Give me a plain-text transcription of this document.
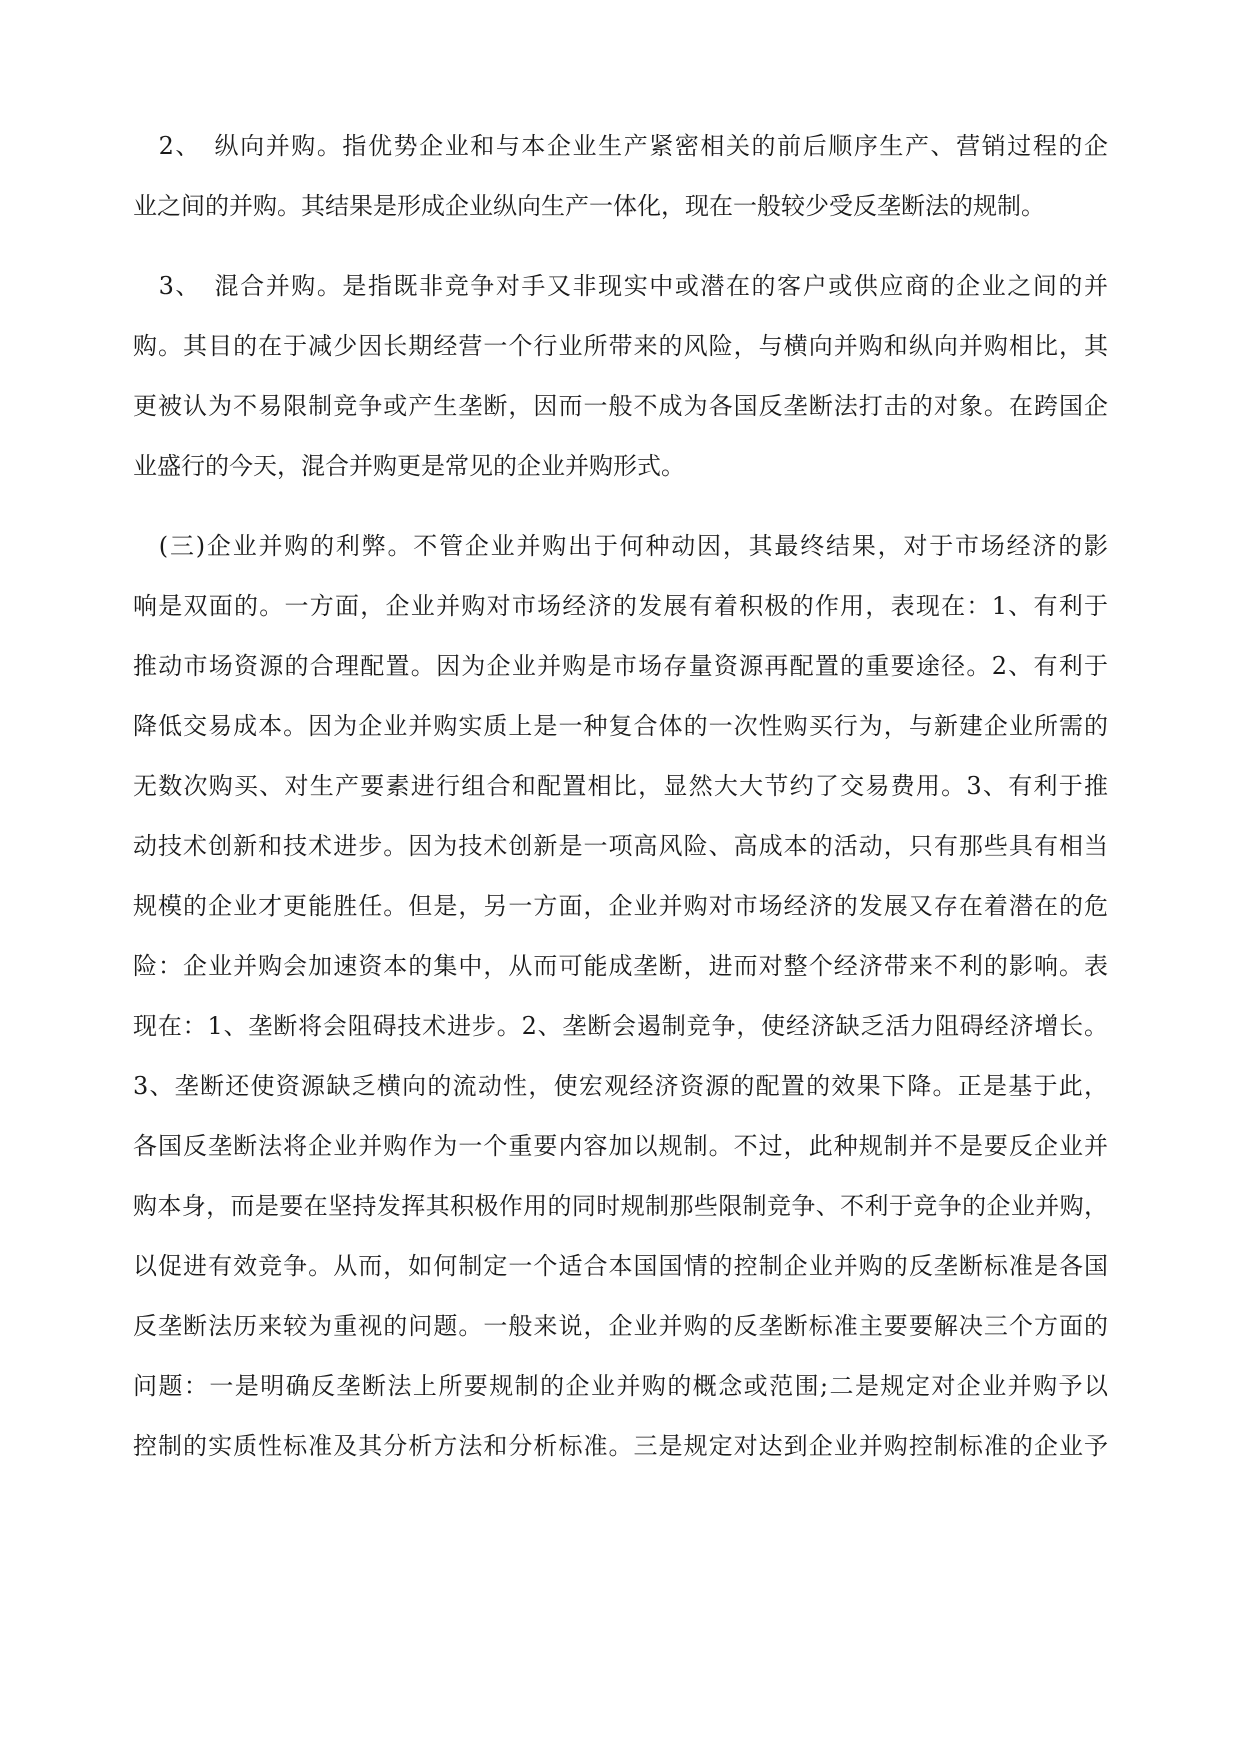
　2、　纵向并购。指优势企业和与本企业生产紧密相关的前后顺序生产、营销过程的企
业之间的并购。其结果是形成企业纵向生产一体化，现在一般较少受反垄断法的规制。
　3、　混合并购。是指既非竞争对手又非现实中或潜在的客户或供应商的企业之间的并
购。其目的在于减少因长期经营一个行业所带来的风险，与横向并购和纵向并购相比，其
更被认为不易限制竞争或产生垄断，因而一般不成为各国反垄断法打击的对象。在跨国企
业盛行的今天，混合并购更是常见的企业并购形式。
　(三)企业并购的利弊。不管企业并购出于何种动因，其最终结果，对于市场经济的影
响是双面的。一方面，企业并购对市场经济的发展有着积极的作用，表现在：1、有利于
推动市场资源的合理配置。因为企业并购是市场存量资源再配置的重要途径。2、有利于
降低交易成本。因为企业并购实质上是一种复合体的一次性购买行为，与新建企业所需的
无数次购买、对生产要素进行组合和配置相比，显然大大节约了交易费用。3、有利于推
动技术创新和技术进步。因为技术创新是一项高风险、高成本的活动，只有那些具有相当
规模的企业才更能胜任。但是，另一方面，企业并购对市场经济的发展又存在着潜在的危
险：企业并购会加速资本的集中，从而可能成垄断，进而对整个经济带来不利的影响。表
现在：1、垄断将会阻碍技术进步。2、垄断会遏制竞争，使经济缺乏活力阻碍经济增长。
3、垄断还使资源缺乏横向的流动性，使宏观经济资源的配置的效果下降。正是基于此，
各国反垄断法将企业并购作为一个重要内容加以规制。不过，此种规制并不是要反企业并
购本身，而是要在坚持发挥其积极作用的同时规制那些限制竞争、不利于竞争的企业并购，
以促进有效竞争。从而，如何制定一个适合本国国情的控制企业并购的反垄断标准是各国
反垄断法历来较为重视的问题。一般来说，企业并购的反垄断标准主要要解决三个方面的
问题：一是明确反垄断法上所要规制的企业并购的概念或范围;二是规定对企业并购予以
控制的实质性标准及其分析方法和分析标准。三是规定对达到企业并购控制标准的企业予
